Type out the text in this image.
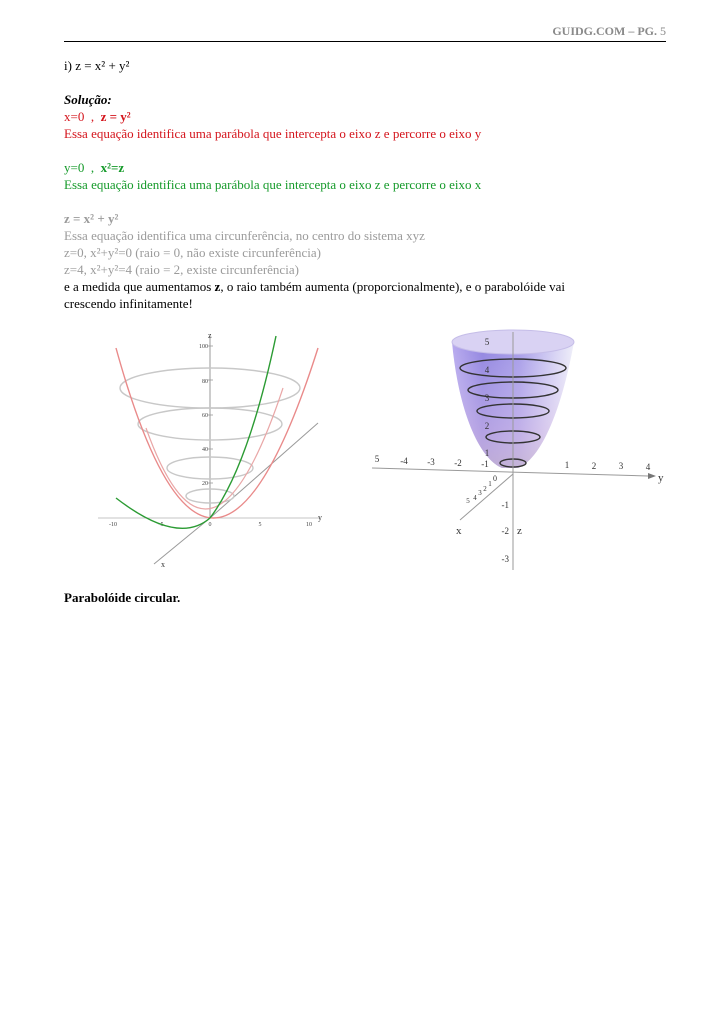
GUIDG.COM – PG. 5
i) z = x² + y²
Solução:
x=0 , z = y²
Essa equação identifica uma parábola que intercepta o eixo z e percorre o eixo y
y=0 , x²=z
Essa equação identifica uma parábola que intercepta o eixo z e percorre o eixo x
z = x² + y²
Essa equação identifica uma circunferência, no centro do sistema xyz
z=0, x²+y²=0 (raio = 0, não existe circunferência)
z=4, x²+y²=4 (raio = 2, existe circunferência)
e a medida que aumentamos z, o raio também aumenta (proporcionalmente), e o parabolóide vai
crescendo infinitamente!
100
80
60
40
20
z
-10	-5	0	5	10
y
x
5
4
3
2
1
-1
-2
-3
5 -4 -3 -2 -1	1	2	3	4
y
z
x
0
1
2
3
4
5
Parabolóide circular.
